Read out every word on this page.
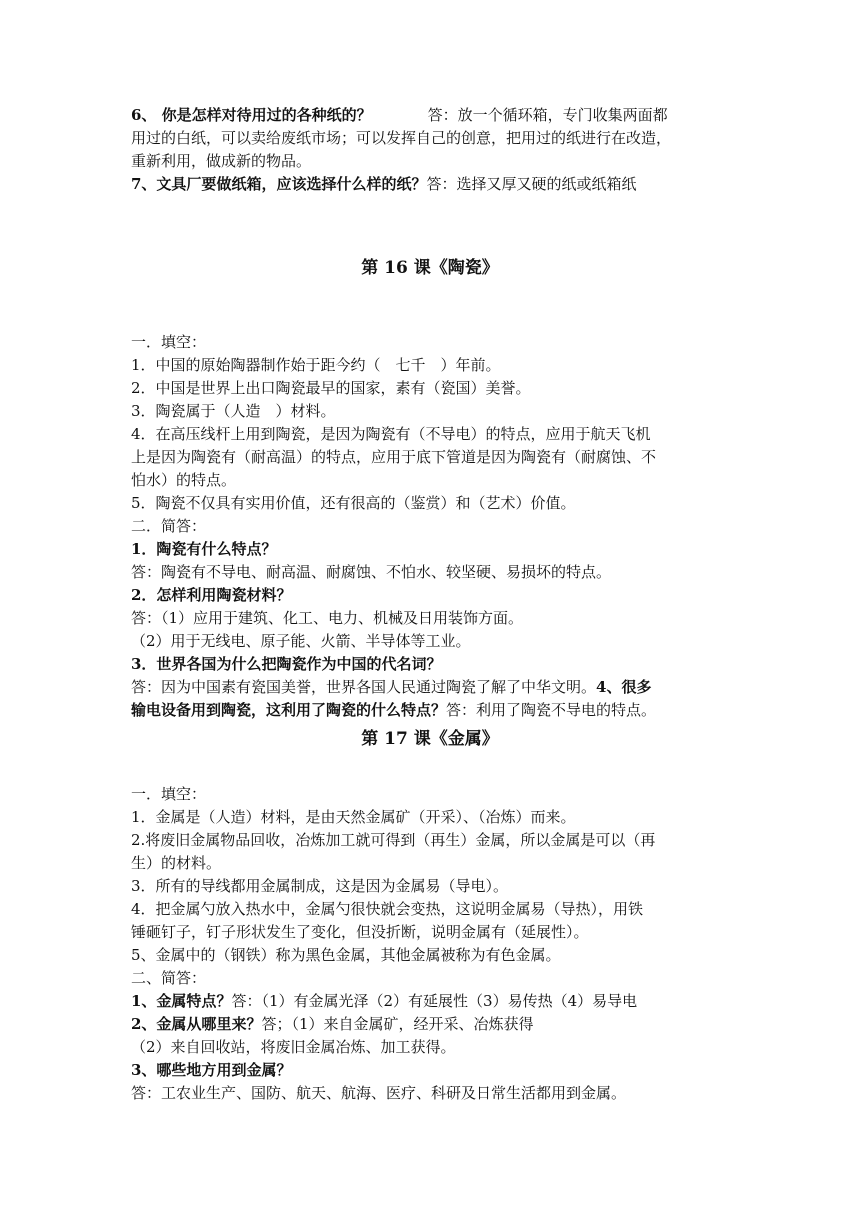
6、 你是怎样对待用过的各种纸的？	答：放一个循环箱，专门收集两面都
用过的白纸，可以卖给废纸市场；可以发挥自己的创意，把用过的纸进行在改造，
重新利用，做成新的物品。
7、文具厂要做纸箱，应该选择什么样的纸？答：选择又厚又硬的纸或纸箱纸
第 16 课《陶瓷》
一．填空：
1．中国的原始陶器制作始于距今约（　七千　）年前。
2．中国是世界上出口陶瓷最早的国家，素有（瓷国）美誉。
3．陶瓷属于（人造　）材料。
4．在高压线杆上用到陶瓷，是因为陶瓷有（不导电）的特点，应用于航天飞机
上是因为陶瓷有（耐高温）的特点，应用于底下管道是因为陶瓷有（耐腐蚀、不
怕水）的特点。
5．陶瓷不仅具有实用价值，还有很高的（鉴赏）和（艺术）价值。
二．简答：
1．陶瓷有什么特点？
答：陶瓷有不导电、耐高温、耐腐蚀、不怕水、较坚硬、易损坏的特点。
2．怎样利用陶瓷材料？
答：（1）应用于建筑、化工、电力、机械及日用装饰方面。
（2）用于无线电、原子能、火箭、半导体等工业。
3．世界各国为什么把陶瓷作为中国的代名词？
答：因为中国素有瓷国美誉，世界各国人民通过陶瓷了解了中华文明。4、很多
输电设备用到陶瓷，这利用了陶瓷的什么特点？答：利用了陶瓷不导电的特点。
第 17 课《金属》
一．填空：
1．金属是（人造）材料，是由天然金属矿（开采）、（冶炼）而来。
2.将废旧金属物品回收，冶炼加工就可得到（再生）金属，所以金属是可以（再
生）的材料。
3．所有的导线都用金属制成，这是因为金属易（导电）。
4．把金属勺放入热水中，金属勺很快就会变热，这说明金属易（导热），用铁
锤砸钉子，钉子形状发生了变化，但没折断，说明金属有（延展性）。
5、金属中的（钢铁）称为黑色金属，其他金属被称为有色金属。
二、简答：
1、金属特点？答：（1）有金属光泽（2）有延展性（3）易传热（4）易导电
2、金属从哪里来？答；（1）来自金属矿，经开采、冶炼获得
（2）来自回收站，将废旧金属冶炼、加工获得。
3、哪些地方用到金属？
答：工农业生产、国防、航天、航海、医疗、科研及日常生活都用到金属。
